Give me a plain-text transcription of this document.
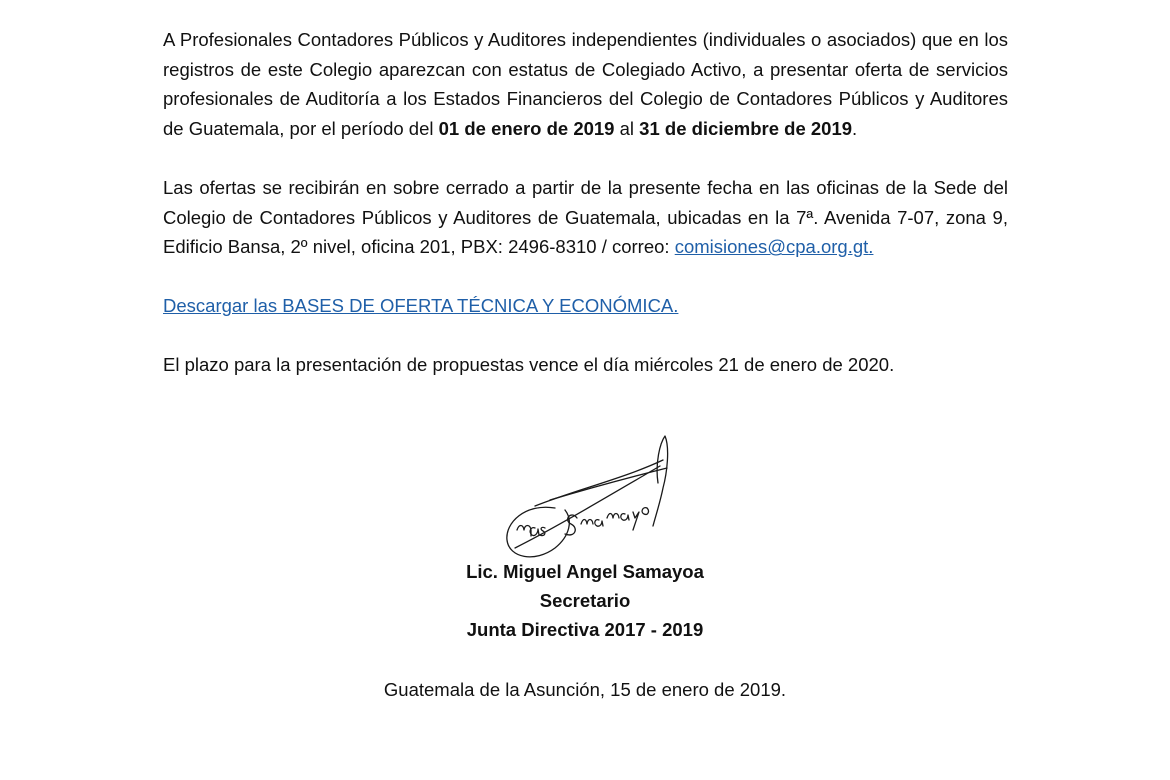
A Profesionales Contadores Públicos y Auditores independientes (individuales o asociados) que en los registros de este Colegio aparezcan con estatus de Colegiado Activo, a presentar oferta de servicios profesionales de Auditoría a los Estados Financieros del Colegio de Contadores Públicos y Auditores de Guatemala, por el período del 01 de enero de 2019 al 31 de diciembre de 2019.

Las ofertas se recibirán en sobre cerrado a partir de la presente fecha en las oficinas de la Sede del Colegio de Contadores Públicos y Auditores de Guatemala, ubicadas en la 7ª. Avenida 7-07, zona 9, Edificio Bansa, 2º nivel, oficina 201, PBX: 2496-8310 / correo: comisiones@cpa.org.gt.

Descargar las BASES DE OFERTA TÉCNICA Y ECONÓMICA.

El plazo para la presentación de propuestas vence el día miércoles 21 de enero de 2020.

Lic. Miguel Angel Samayoa
Secretario
Junta Directiva 2017 - 2019
Guatemala de la Asunción, 15 de enero de 2019.
